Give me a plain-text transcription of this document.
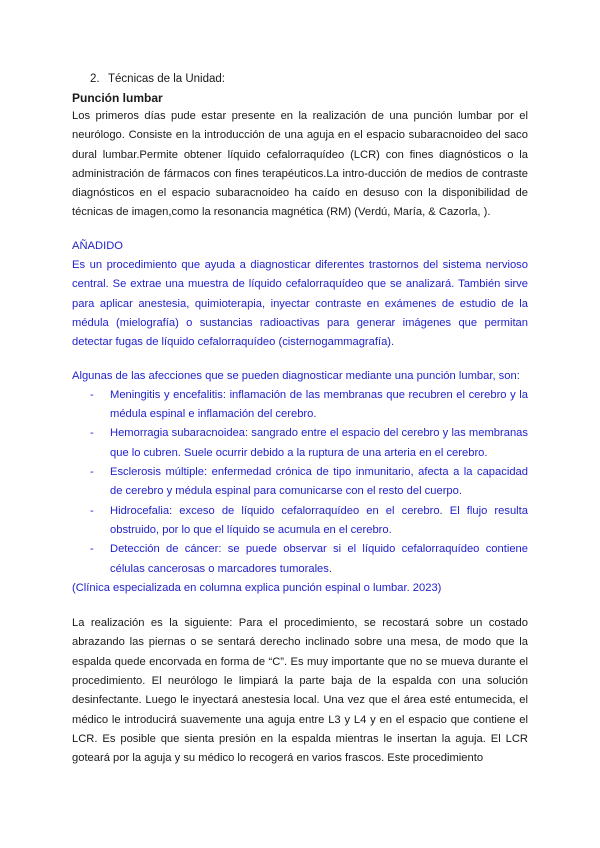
2. Técnicas de la Unidad:

Punción lumbar

Los primeros días pude estar presente en la realización de una punción lumbar por el neurólogo. Consiste en la introducción de una aguja en el espacio subaracnoideo del saco dural lumbar.Permite obtener líquido cefalorraquídeo (LCR) con fines diagnósticos o la administración de fármacos con fines terapéuticos.La intro-ducción de medios de contraste diagnósticos en el espacio subaracnoideo ha caído en desuso con la disponibilidad de técnicas de imagen,como la resonancia magnética (RM) (Verdú, María, & Cazorla, ).

AÑADIDO

Es un procedimiento que ayuda a diagnosticar diferentes trastornos del sistema nervioso central. Se extrae una muestra de líquido cefalorraquídeo que se analizará. También sirve para aplicar anestesia, quimioterapia, inyectar contraste en exámenes de estudio de la médula (mielografía) o sustancias radioactivas para generar imágenes que permitan detectar fugas de líquido cefalorraquídeo (cisternogammagrafía).

Algunas de las afecciones que se pueden diagnosticar mediante una punción lumbar, son:

- Meningitis y encefalitis: inflamación de las membranas que recubren el cerebro y la médula espinal e inflamación del cerebro.
- Hemorragia subaracnoidea: sangrado entre el espacio del cerebro y las membranas que lo cubren. Suele ocurrir debido a la ruptura de una arteria en el cerebro.
- Esclerosis múltiple: enfermedad crónica de tipo inmunitario, afecta a la capacidad de cerebro y médula espinal para comunicarse con el resto del cuerpo.
- Hidrocefalia: exceso de líquido cefalorraquídeo en el cerebro. El flujo resulta obstruido, por lo que el líquido se acumula en el cerebro.
- Detección de cáncer: se puede observar si el líquido cefalorraquídeo contiene células cancerosas o marcadores tumorales.

(Clínica especializada en columna explica punción espinal o lumbar. 2023)

La realización es la siguiente: Para el procedimiento, se recostará sobre un costado abrazando las piernas o se sentará derecho inclinado sobre una mesa, de modo que la espalda quede encorvada en forma de “C”. Es muy importante que no se mueva durante el procedimiento. El neurólogo le limpiará la parte baja de la espalda con una solución desinfectante. Luego le inyectará anestesia local. Una vez que el área esté entumecida, el médico le introducirá suavemente una aguja entre L3 y L4 y en el espacio que contiene el LCR. Es posible que sienta presión en la espalda mientras le insertan la aguja. El LCR goteará por la aguja y su médico lo recogerá en varios frascos. Este procedimiento
